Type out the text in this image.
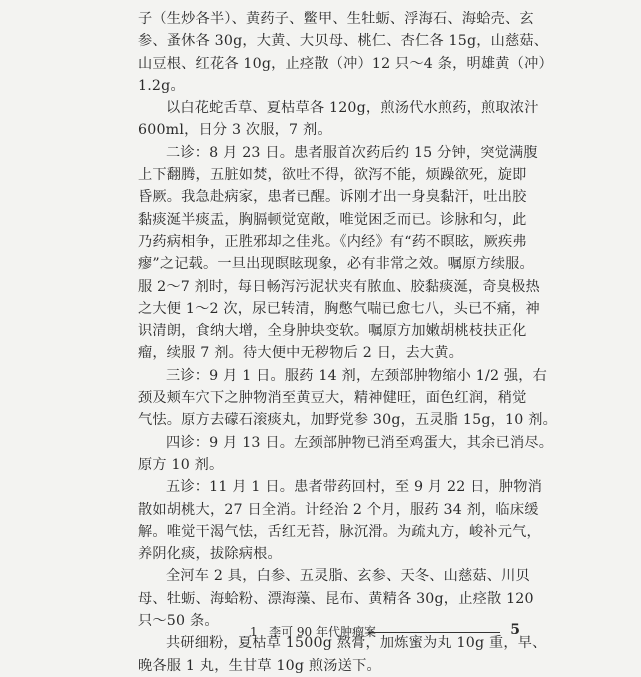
子（生炒各半）、黄药子、鳖甲、生牡蛎、浮海石、海蛤壳、玄
参、蚤休各 30g，大黄、大贝母、桃仁、杏仁各 15g，山慈菇、
山豆根、红花各 10g，止痉散（冲）12 只～4 条，明雄黄（冲）
1.2g。
以白花蛇舌草、夏枯草各 120g，煎汤代水煎药，煎取浓汁
600ml，日分 3 次服，7 剂。
二诊：8 月 23 日。患者服首次药后约 15 分钟，突觉满腹
上下翻腾，五脏如焚，欲吐不得，欲泻不能，烦躁欲死，旋即
昏厥。我急赴病家，患者已醒。诉刚才出一身臭黏汗，吐出胶
黏痰涎半痰盂，胸膈顿觉宽敞，唯觉困乏而已。诊脉和匀，此
乃药病相争，正胜邪却之佳兆。《内经》有“药不瞑眩，厥疾弗
瘳”之记载。一旦出现瞑眩现象，必有非常之效。嘱原方续服。
服 2～7 剂时，每日畅泻污泥状夹有脓血、胶黏痰涎，奇臭极热
之大便 1～2 次，尿已转清，胸憋气喘已愈七八，头已不痛，神
识清朗，食纳大增，全身肿块变软。嘱原方加嫩胡桃枝扶正化
瘤，续服 7 剂。待大便中无秽物后 2 日，去大黄。
三诊：9 月 1 日。服药 14 剂，左颈部肿物缩小 1/2 强，右
颈及颊车穴下之肿物消至黄豆大，精神健旺，面色红润，稍觉
气怯。原方去礞石滚痰丸，加野党参 30g，五灵脂 15g，10 剂。
四诊：9 月 13 日。左颈部肿物已消至鸡蛋大，其余已消尽。
原方 10 剂。
五诊：11 月 1 日。患者带药回村，至 9 月 22 日，肿物消
散如胡桃大，27 日全消。计经治 2 个月，服药 34 剂，临床缓
解。唯觉干渴气怯，舌红无苔，脉沉滑。为疏丸方，峻补元气，
养阴化痰，拔除病根。
全河车 2 具，白参、五灵脂、玄参、天冬、山慈菇、川贝
母、牡蛎、海蛤粉、漂海藻、昆布、黄精各 30g，止痉散 120
只～50 条。
共研细粉，夏枯草 1500g 熬膏，加炼蜜为丸 10g 重，早、
晚各服 1 丸，生甘草 10g 煎汤送下。
1 李可 90 年代肿瘤案	5
